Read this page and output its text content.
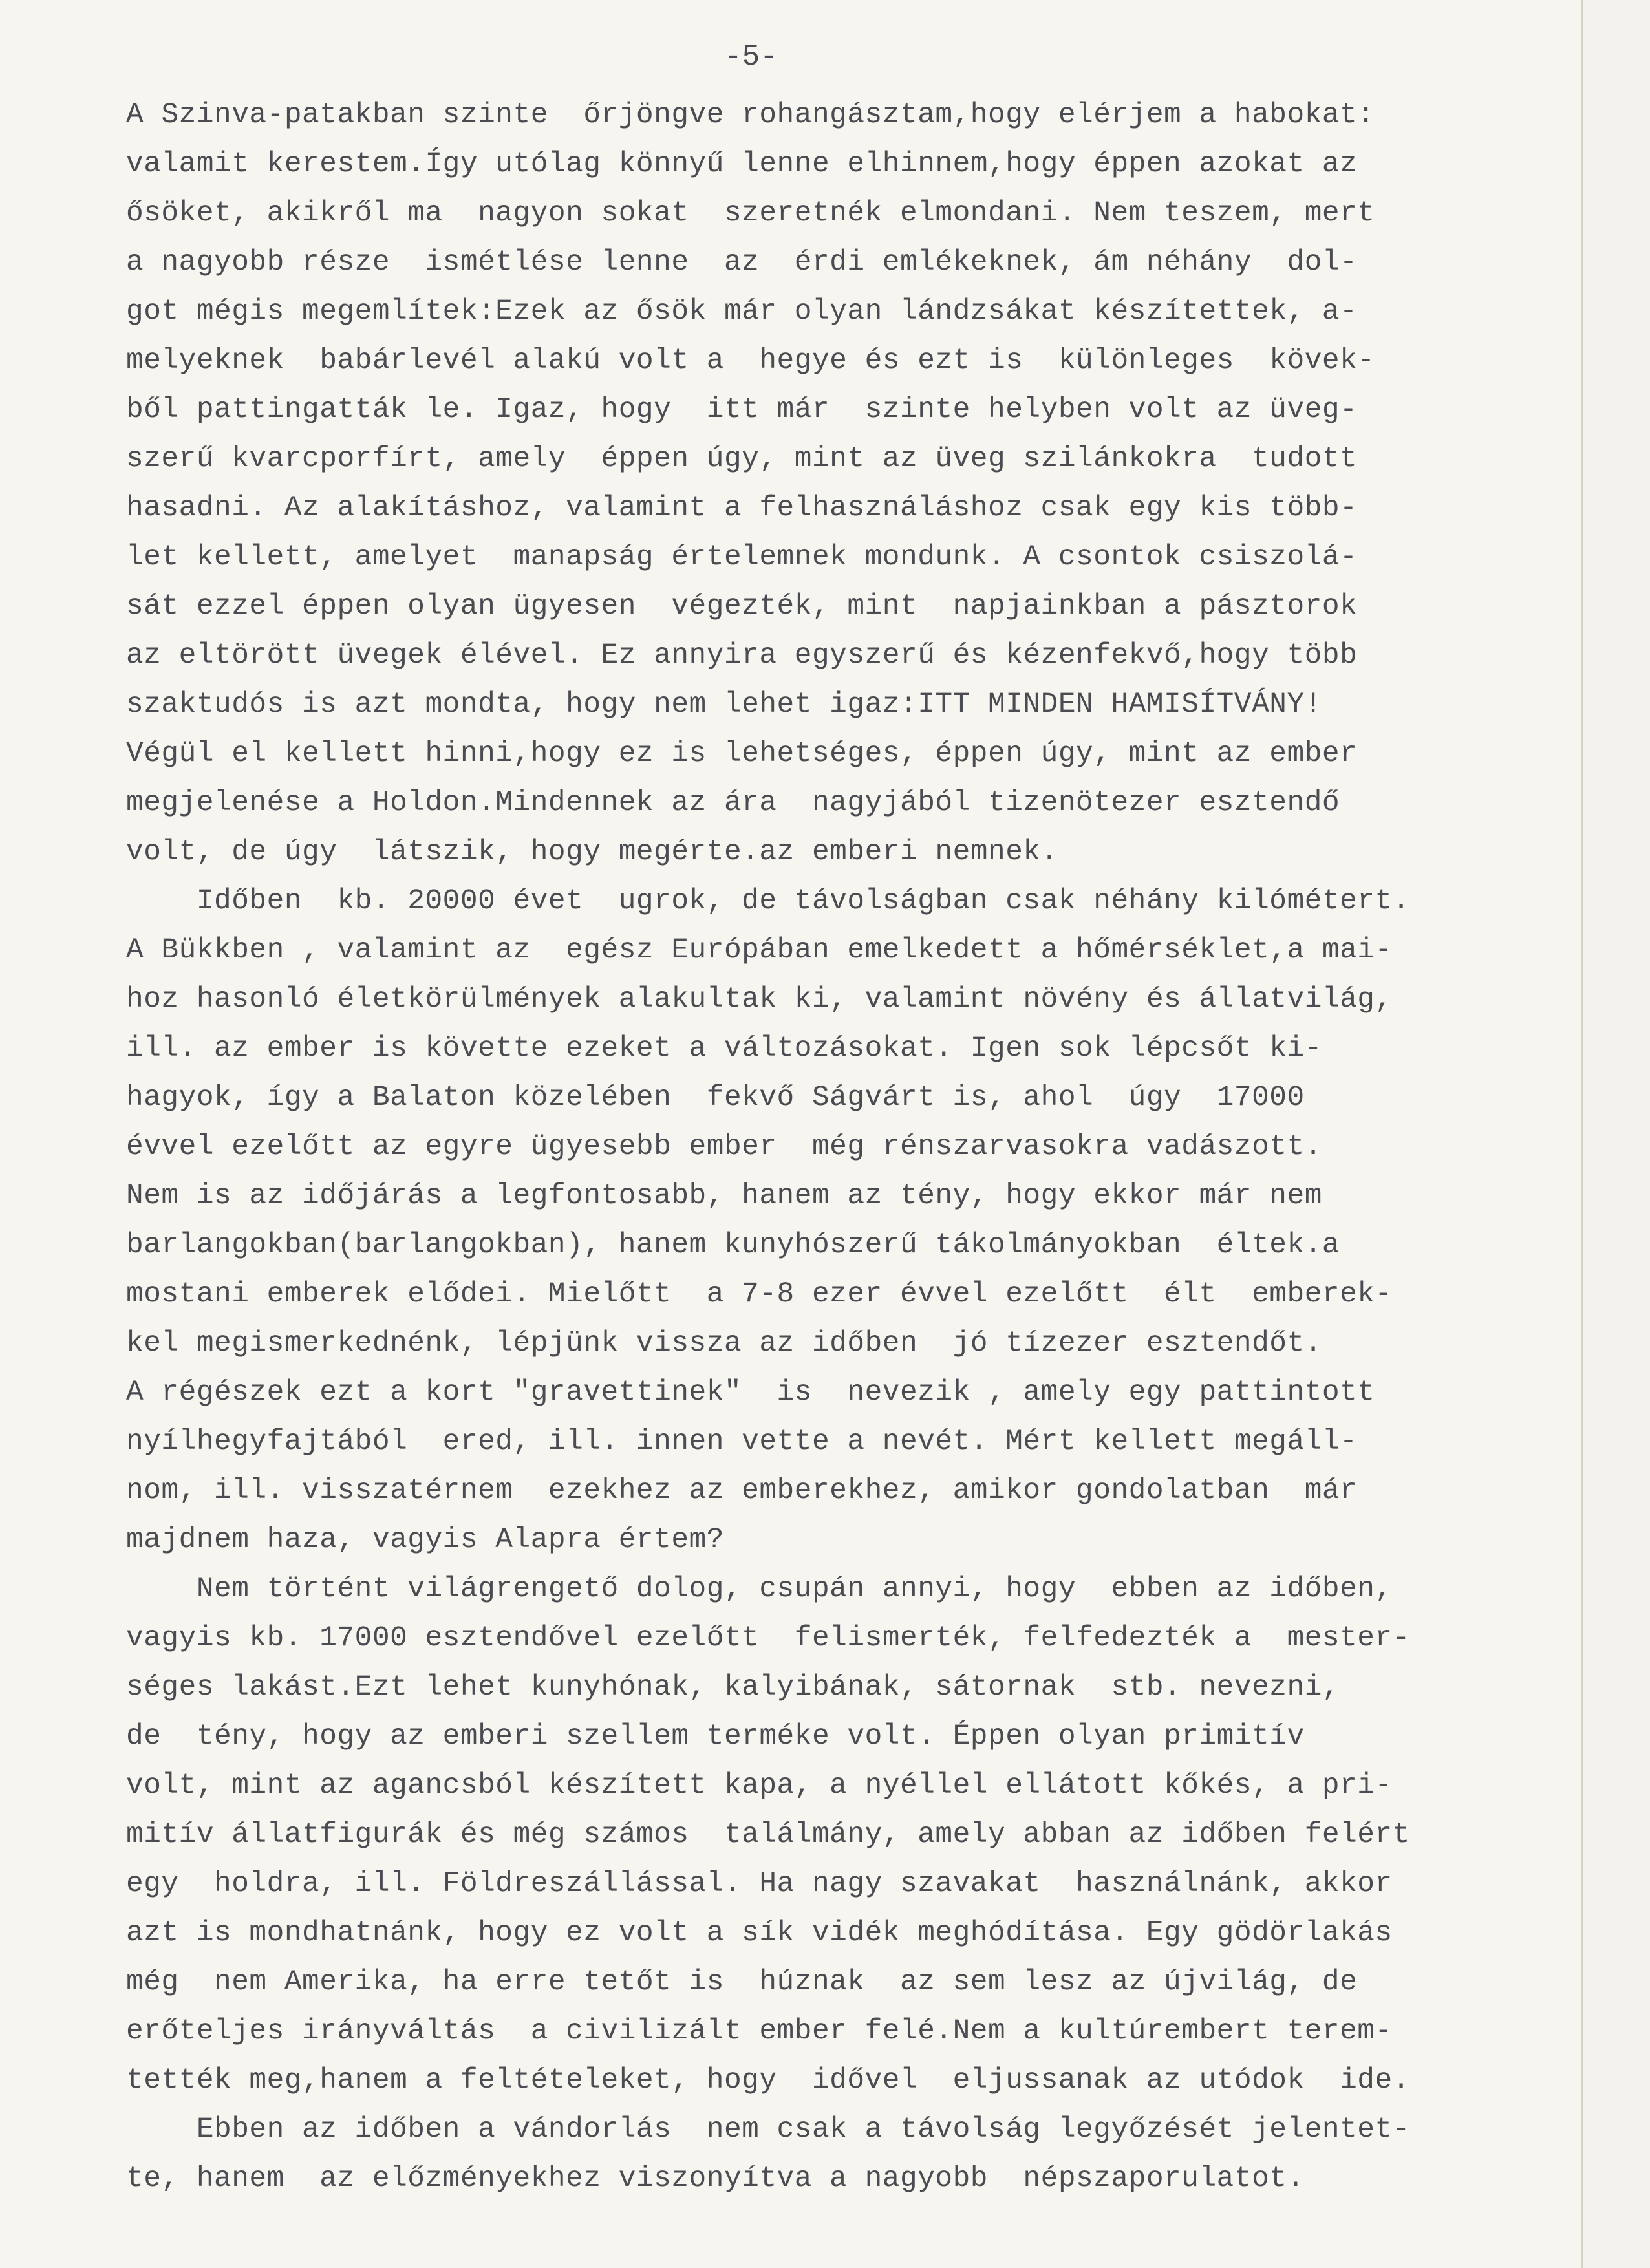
-5-

A Szinva-patakban szinte  őrjöngve rohangásztam,hogy elérjem a habokat:
valamit kerestem.Így utólag könnyű lenne elhinnem,hogy éppen azokat az
ősöket, akikről ma  nagyon sokat  szeretnék elmondani. Nem teszem, mert
a nagyobb része  ismétlése lenne  az  érdi emlékeknek, ám néhány  dol-
got mégis megemlítek:Ezek az ősök már olyan lándzsákat készítettek, a-
melyeknek  babárlevél alakú volt a  hegye és ezt is  különleges  kövek-
ből pattingatták le. Igaz, hogy  itt már  szinte helyben volt az üveg-
szerű kvarcporfírt, amely  éppen úgy, mint az üveg szilánkokra  tudott
hasadni. Az alakításhoz, valamint a felhasználáshoz csak egy kis több-
let kellett, amelyet  manapság értelemnek mondunk. A csontok csiszolá-
sát ezzel éppen olyan ügyesen  végezték, mint  napjainkban a pásztorok
az eltörött üvegek élével. Ez annyira egyszerű és kézenfekvő,hogy több
szaktudós is azt mondta, hogy nem lehet igaz:ITT MINDEN HAMISÍTVÁNY!
Végül el kellett hinni,hogy ez is lehetséges, éppen úgy, mint az ember
megjelenése a Holdon.Mindennek az ára  nagyjából tizenötezer esztendő
volt, de úgy  látszik, hogy megérte.az emberi nemnek.
Időben  kb. 20000 évet  ugrok, de távolságban csak néhány kilómétert.
A Bükkben , valamint az  egész Európában emelkedett a hőmérséklet,a mai-
hoz hasonló életkörülmények alakultak ki, valamint növény és állatvilág,
ill. az ember is követte ezeket a változásokat. Igen sok lépcsőt ki-
hagyok, így a Balaton közelében  fekvő Ságvárt is, ahol  úgy  17000
évvel ezelőtt az egyre ügyesebb ember  még rénszarvasokra vadászott.
Nem is az időjárás a legfontosabb, hanem az tény, hogy ekkor már nem
barlangokban(barlangokban), hanem kunyhószerű tákolmányokban  éltek.a
mostani emberek elődei. Mielőtt  a 7-8 ezer évvel ezelőtt  élt  emberek-
kel megismerkednénk, lépjünk vissza az időben  jó tízezer esztendőt.
A régészek ezt a kort "gravettinek"  is  nevezik , amely egy pattintott
nyílhegyfajtából  ered, ill. innen vette a nevét. Mért kellett megáll-
nom, ill. visszatérnem  ezekhez az emberekhez, amikor gondolatban  már
majdnem haza, vagyis Alapra értem?
Nem történt világrengető dolog, csupán annyi, hogy  ebben az időben,
vagyis kb. 17000 esztendővel ezelőtt  felismerték, felfedezték a  mester-
séges lakást.Ezt lehet kunyhónak, kalyibának, sátornak  stb. nevezni,
de  tény, hogy az emberi szellem terméke volt. Éppen olyan primitív
volt, mint az agancsból készített kapa, a nyéllel ellátott kőkés, a pri-
mitív állatfigurák és még számos  találmány, amely abban az időben felért
egy  holdra, ill. Földreszállással. Ha nagy szavakat  használnánk, akkor
azt is mondhatnánk, hogy ez volt a sík vidék meghódítása. Egy gödörlakás
még  nem Amerika, ha erre tetőt is  húznak  az sem lesz az újvilág, de
erőteljes irányváltás  a civilizált ember felé.Nem a kultúrembert terem-
tették meg,hanem a feltételeket, hogy  idővel  eljussanak az utódok  ide.
Ebben az időben a vándorlás  nem csak a távolság legyőzését jelentet-
te, hanem  az előzményekhez viszonyítva a nagyobb  népszaporulatot.
